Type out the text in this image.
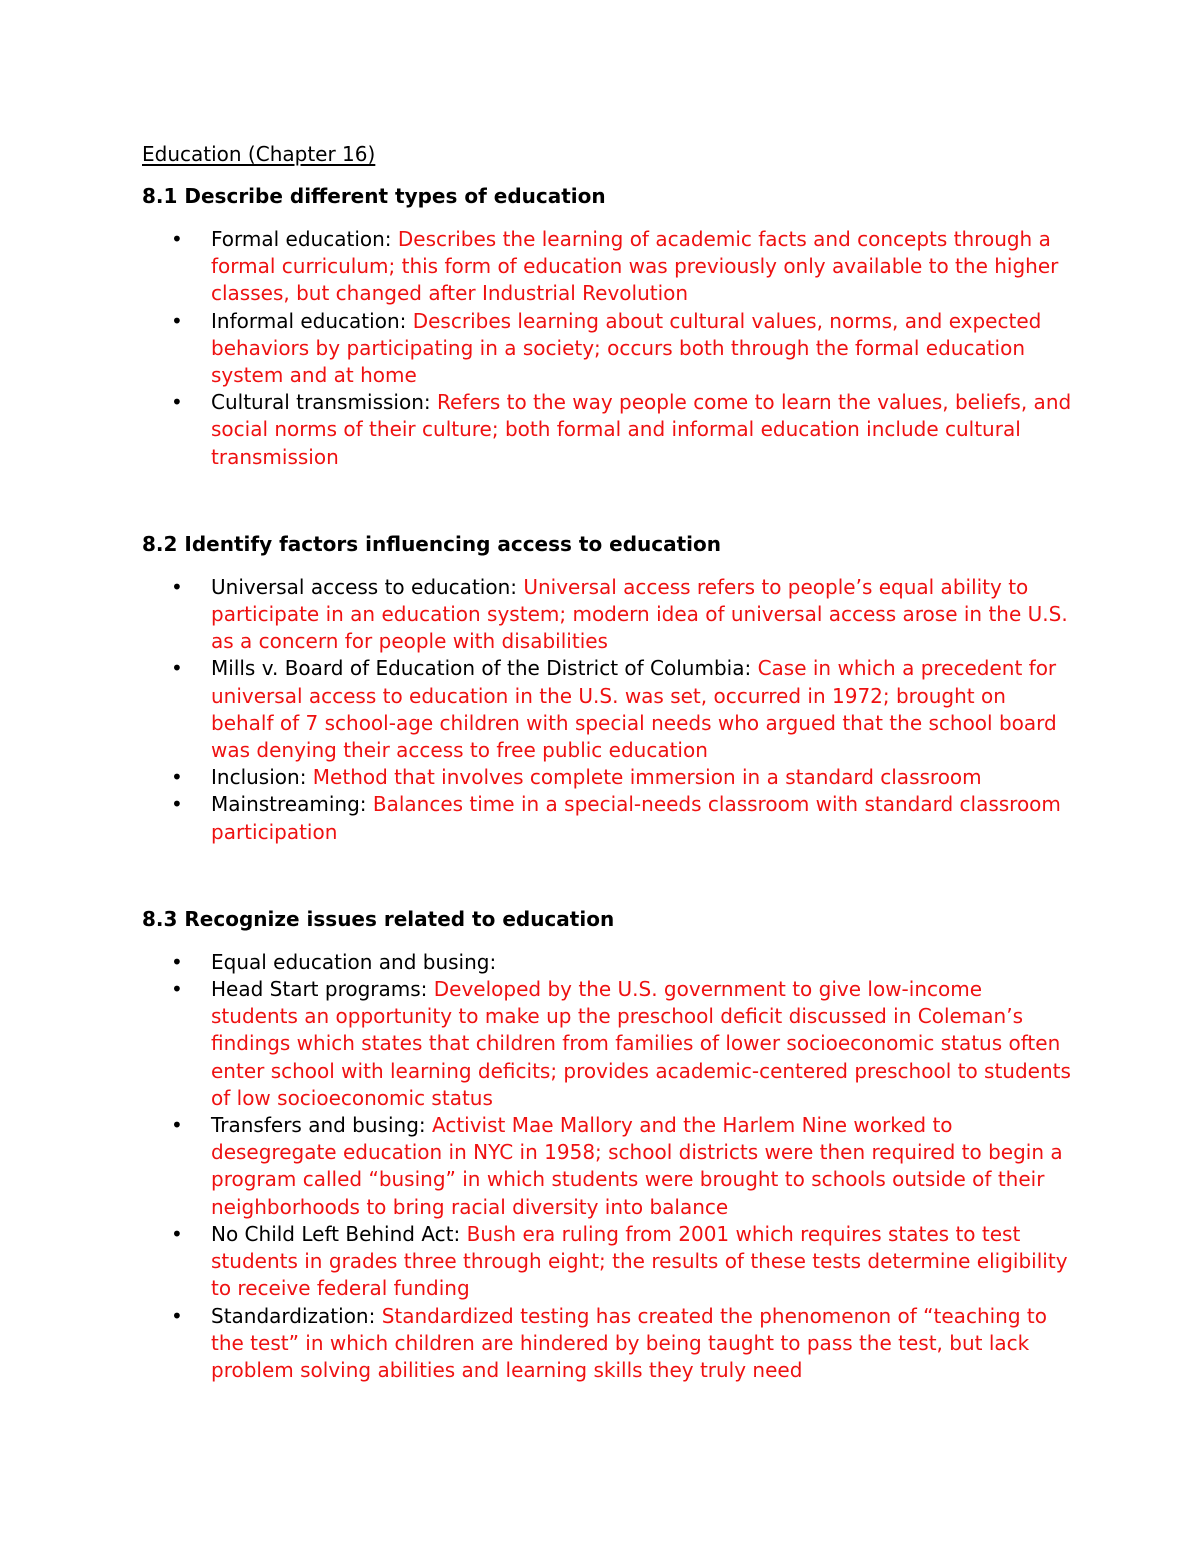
Education (Chapter 16)
8.1 Describe different types of education
• Formal education: Describes the learning of academic facts and concepts through a formal curriculum; this form of education was previously only available to the higher classes, but changed after Industrial Revolution
• Informal education: Describes learning about cultural values, norms, and expected behaviors by participating in a society; occurs both through the formal education system and at home
• Cultural transmission: Refers to the way people come to learn the values, beliefs, and social norms of their culture; both formal and informal education include cultural transmission
8.2 Identify factors influencing access to education
• Universal access to education: Universal access refers to people’s equal ability to participate in an education system; modern idea of universal access arose in the U.S. as a concern for people with disabilities
• Mills v. Board of Education of the District of Columbia: Case in which a precedent for universal access to education in the U.S. was set, occurred in 1972; brought on behalf of 7 school-age children with special needs who argued that the school board was denying their access to free public education
• Inclusion: Method that involves complete immersion in a standard classroom
• Mainstreaming: Balances time in a special-needs classroom with standard classroom participation
8.3 Recognize issues related to education
• Equal education and busing:
• Head Start programs: Developed by the U.S. government to give low-income students an opportunity to make up the preschool deficit discussed in Coleman’s findings which states that children from families of lower socioeconomic status often enter school with learning deficits; provides academic-centered preschool to students of low socioeconomic status
• Transfers and busing: Activist Mae Mallory and the Harlem Nine worked to desegregate education in NYC in 1958; school districts were then required to begin a program called “busing” in which students were brought to schools outside of their neighborhoods to bring racial diversity into balance
• No Child Left Behind Act: Bush era ruling from 2001 which requires states to test students in grades three through eight; the results of these tests determine eligibility to receive federal funding
• Standardization: Standardized testing has created the phenomenon of “teaching to the test” in which children are hindered by being taught to pass the test, but lack problem solving abilities and learning skills they truly need
